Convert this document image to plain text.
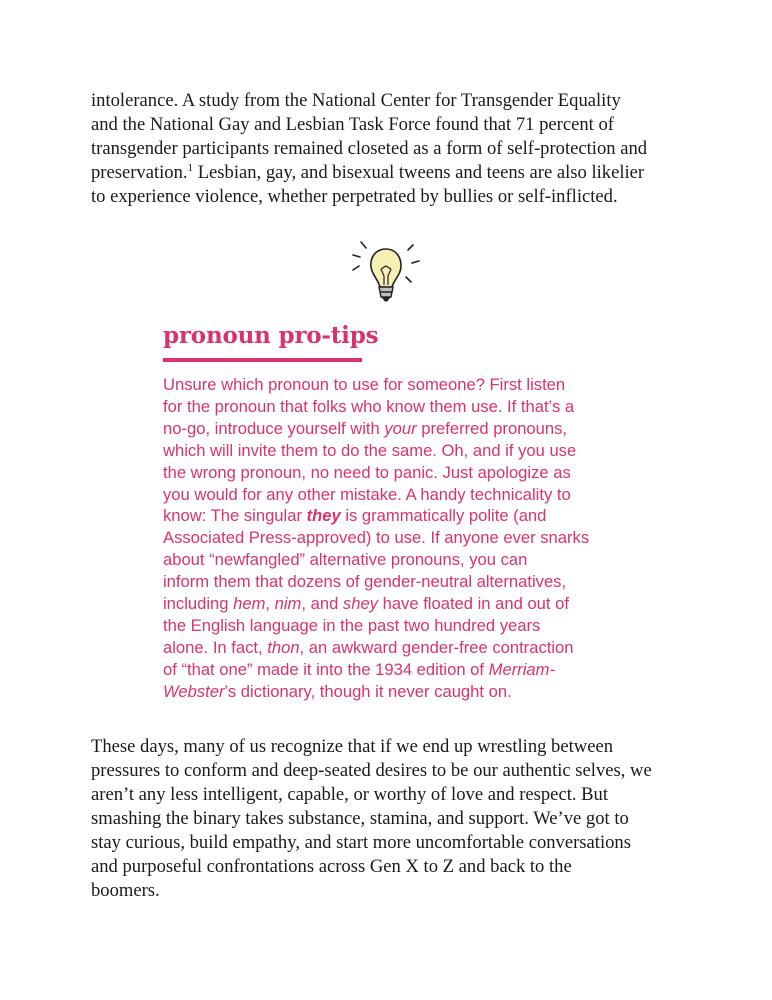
intolerance. A study from the National Center for Transgender Equality
and the National Gay and Lesbian Task Force found that 71 percent of
transgender participants remained closeted as a form of self-protection and
preservation.$^1$ Lesbian, gay, and bisexual tweens and teens are also likelier
to experience violence, whether perpetrated by bullies or self-inflicted.

pronoun pro-tips

Unsure which pronoun to use for someone? First listen
for the pronoun that folks who know them use. If that’s a
no-go, introduce yourself with your preferred pronouns,
which will invite them to do the same. Oh, and if you use
the wrong pronoun, no need to panic. Just apologize as
you would for any other mistake. A handy technicality to
know: The singular they is grammatically polite (and
Associated Press-approved) to use. If anyone ever snarks
about “newfangled” alternative pronouns, you can
inform them that dozens of gender-neutral alternatives,
including hem, nim, and shey have floated in and out of
the English language in the past two hundred years
alone. In fact, thon, an awkward gender-free contraction
of “that one” made it into the 1934 edition of Merriam-
Webster’s dictionary, though it never caught on.

These days, many of us recognize that if we end up wrestling between
pressures to conform and deep-seated desires to be our authentic selves, we
aren’t any less intelligent, capable, or worthy of love and respect. But
smashing the binary takes substance, stamina, and support. We’ve got to
stay curious, build empathy, and start more uncomfortable conversations
and purposeful confrontations across Gen X to Z and back to the
boomers.
